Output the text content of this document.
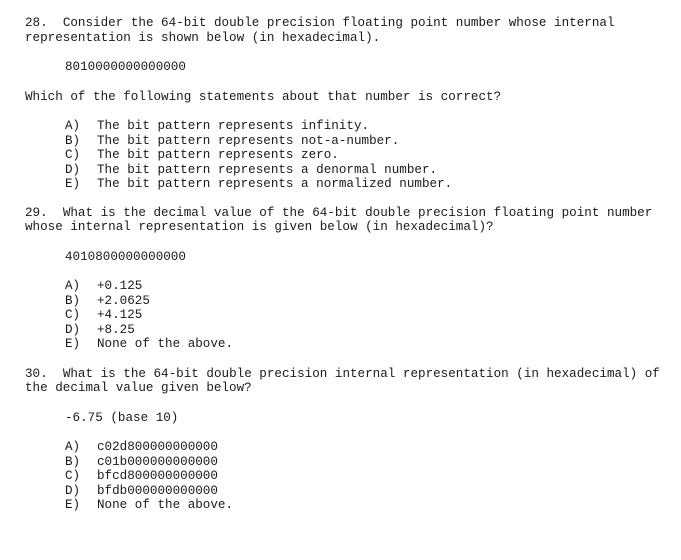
28. Consider the 64-bit double precision floating point number whose internal representation is shown below (in hexadecimal).
8010000000000000
Which of the following statements about that number is correct?
A)	The bit pattern represents infinity.
B)	The bit pattern represents not-a-number.
C)	The bit pattern represents zero.
D)	The bit pattern represents a denormal number.
E)	The bit pattern represents a normalized number.
29. What is the decimal value of the 64-bit double precision floating point number whose internal representation is given below (in hexadecimal)?
4010800000000000
A)	+0.125
B)	+2.0625
C)	+4.125
D)	+8.25
E)	None of the above.
30. What is the 64-bit double precision internal representation (in hexadecimal) of the decimal value given below?
-6.75 (base 10)
A)	c02d800000000000
B)	c01b000000000000
C)	bfcd800000000000
D)	bfdb000000000000
E)	None of the above.
